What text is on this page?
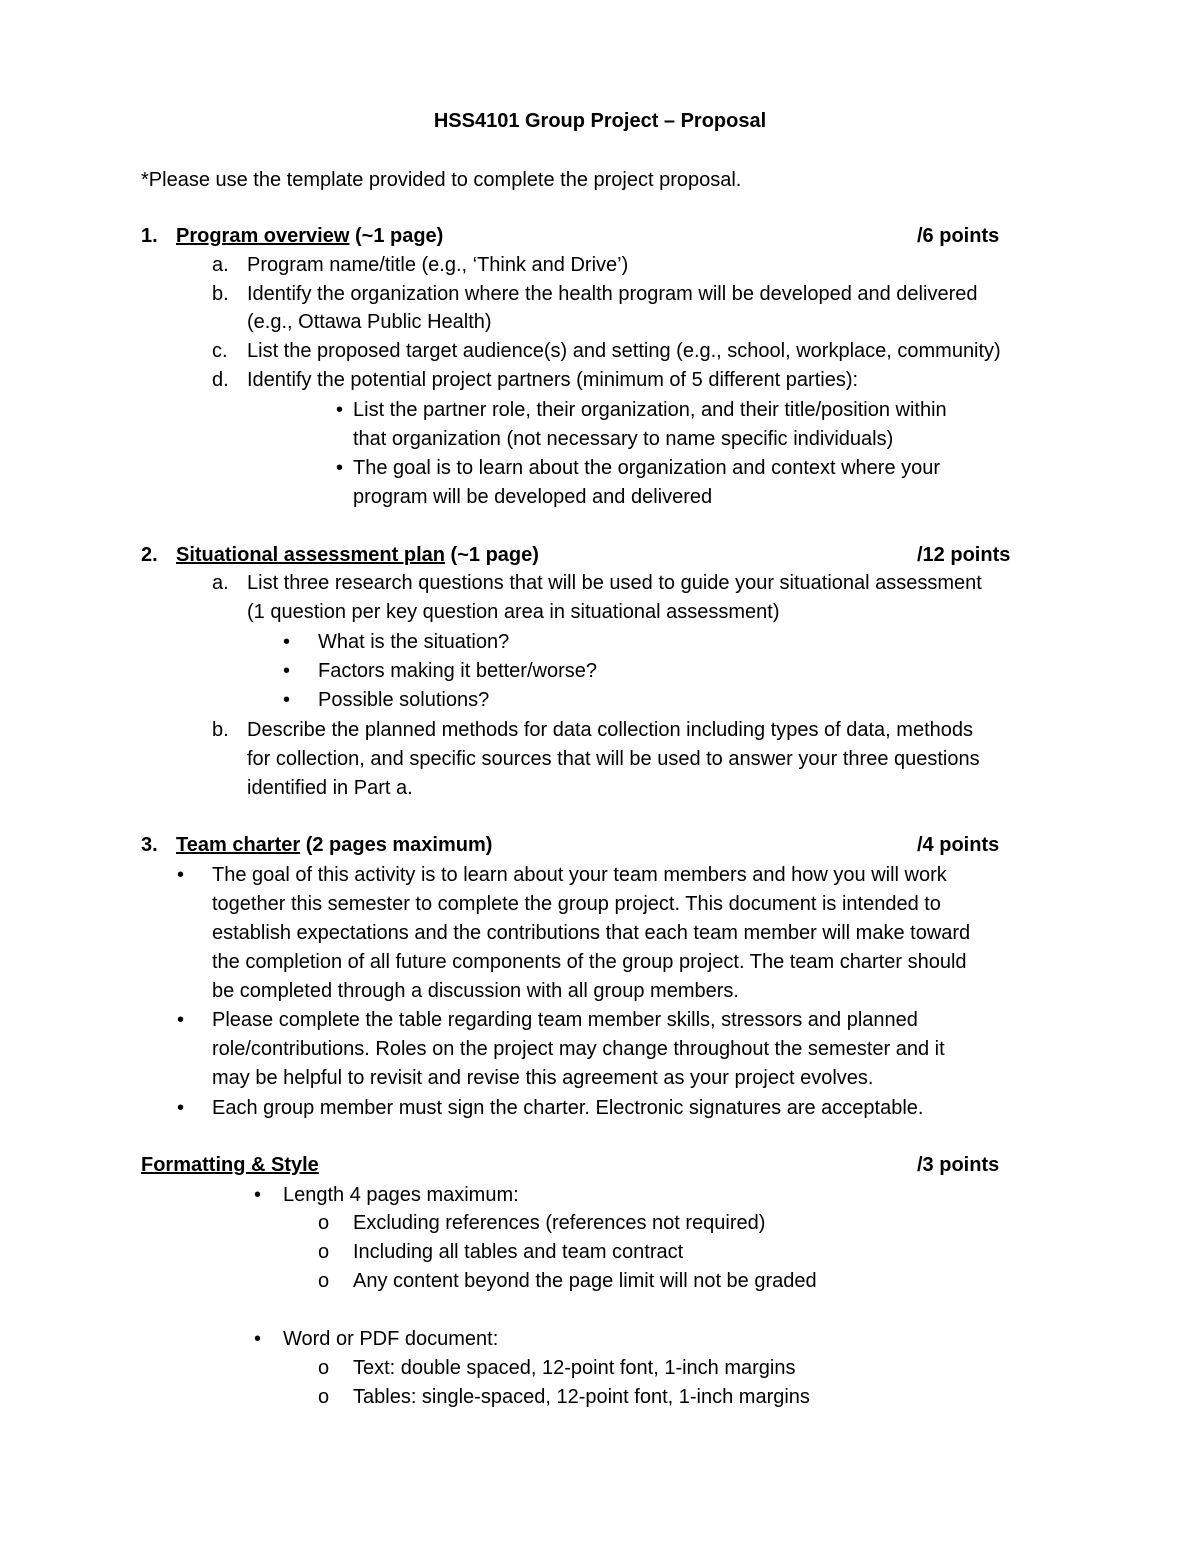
HSS4101 Group Project – Proposal
*Please use the template provided to complete the project proposal.
1. Program overview (~1 page)	/6 points
a. Program name/title (e.g., ‘Think and Drive’)
b. Identify the organization where the health program will be developed and delivered
(e.g., Ottawa Public Health)
c. List the proposed target audience(s) and setting (e.g., school, workplace, community)
d. Identify the potential project partners (minimum of 5 different parties):
• List the partner role, their organization, and their title/position within
that organization (not necessary to name specific individuals)
• The goal is to learn about the organization and context where your
program will be developed and delivered
2. Situational assessment plan (~1 page)	/12 points
a. List three research questions that will be used to guide your situational assessment
(1 question per key question area in situational assessment)
• What is the situation?
• Factors making it better/worse?
• Possible solutions?
b. Describe the planned methods for data collection including types of data, methods
for collection, and specific sources that will be used to answer your three questions
identified in Part a.
3. Team charter (2 pages maximum)	/4 points
• The goal of this activity is to learn about your team members and how you will work
together this semester to complete the group project. This document is intended to
establish expectations and the contributions that each team member will make toward
the completion of all future components of the group project. The team charter should
be completed through a discussion with all group members.
• Please complete the table regarding team member skills, stressors and planned
role/contributions. Roles on the project may change throughout the semester and it
may be helpful to revisit and revise this agreement as your project evolves.
• Each group member must sign the charter. Electronic signatures are acceptable.
Formatting & Style	/3 points
• Length 4 pages maximum:
o Excluding references (references not required)
o Including all tables and team contract
o Any content beyond the page limit will not be graded
• Word or PDF document:
o Text: double spaced, 12-point font, 1-inch margins
o Tables: single-spaced, 12-point font, 1-inch margins
